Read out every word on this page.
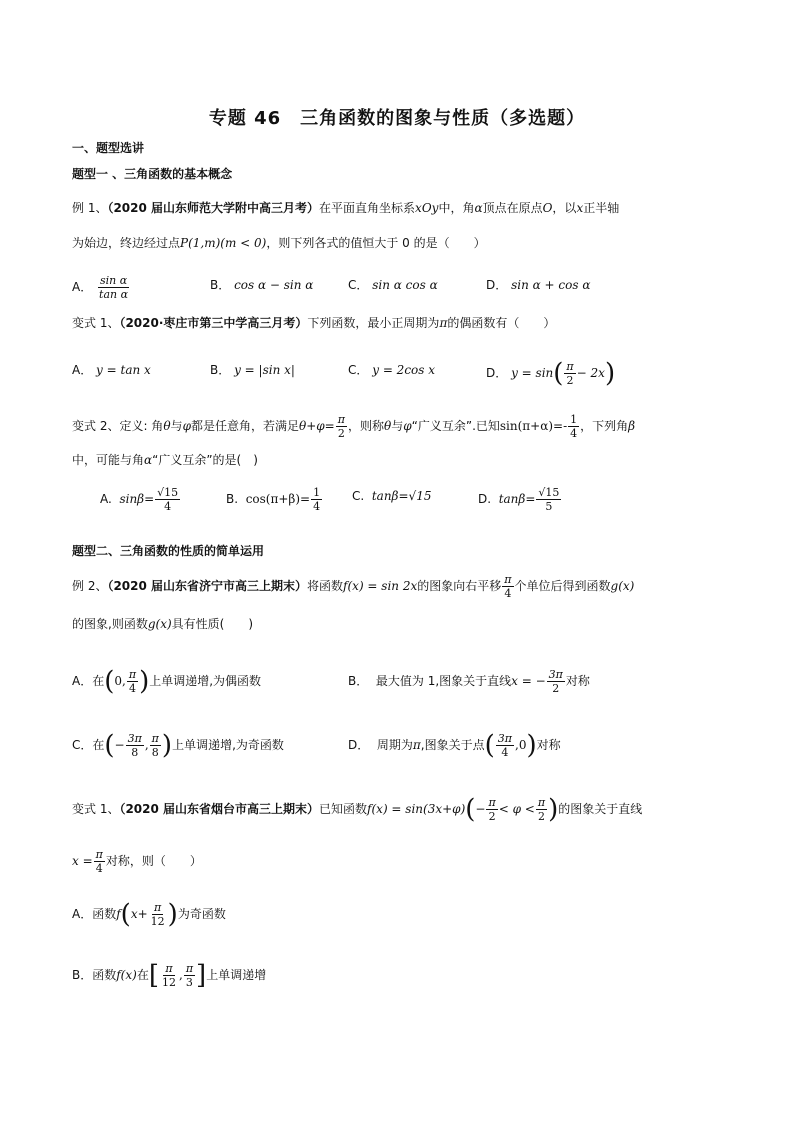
专题 46　三角函数的图象与性质（多选题）
一、题型选讲
题型一 、三角函数的基本概念
例 1、（2020 届山东师范大学附中高三月考）在平面直角坐标系xOy中，角α顶点在原点O，以x正半轴
为始边，终边经过点P(1,m)(m < 0)，则下列各式的值恒大于 0 的是（　　）
A． $\frac{\text{sin α}}{\text{tan α}}$	B． cos α − sin α	C． sin α cos α	D． sin α + cos α
变式 1、（2020·枣庄市第三中学高三月考）下列函数，最小正周期为π的偶函数有（　　）
A． y = tan x	B． y = |sin x|	C． y = 2cos x	D． $y = \sin( \frac{\pi}{2} - 2x)$
变式 2、定义: 角θ与φ都是任意角，若满足$\theta+\varphi= \frac{\pi}{2}$ ，则称θ与φ“广义互余”.已知$\sin(\pi+\alpha)=- \frac{1}{4}$ ，下列角β
中，可能与角α“广义互余”的是(　)
A. $\sin\beta= \frac{√15}{4}$	B. $\cos(\pi+\beta)= \frac{1}{4} C$. tanβ=√15	D. $\tan\beta= \frac{√15}{5}$
题型二、三角函数的性质的简单运用
例 2、（2020 届山东省济宁市高三上期末）将函数f(x) = sin 2x的图象向右平移 $\frac{\pi}{4}$ 个单位后得到函数g(x)
的图象,则函数g(x)具有性质(　　)
A．在(0, $\frac{\pi}{4}$ )上单调递增,为偶函数	B． 最大值为 1,图象关于直线x = − $\frac{3\pi}{2}$ 对称
C．在(− $\frac{3\pi}{8}$ , $\frac{\pi}{8}$ )上单调递增,为奇函数	D． 周期为π,图象关于点( $\frac{3\pi}{4} ,0$)对称
变式 1、（2020 届山东省烟台市高三上期末）已知函数$f(x) = \sin(3x+\varphi)(- \frac{\pi}{2} < \varphi < \frac{\pi}{2}$ )的图象关于直线
$x = \frac{\pi}{4}$ 对称，则（　　）
A．函数$f(x+ \frac{\pi}{12}$ )为奇函数
B．函数f(x)在[ $\frac{\pi}{12}$ , $\frac{\pi}{3}$ ]上单调递增
